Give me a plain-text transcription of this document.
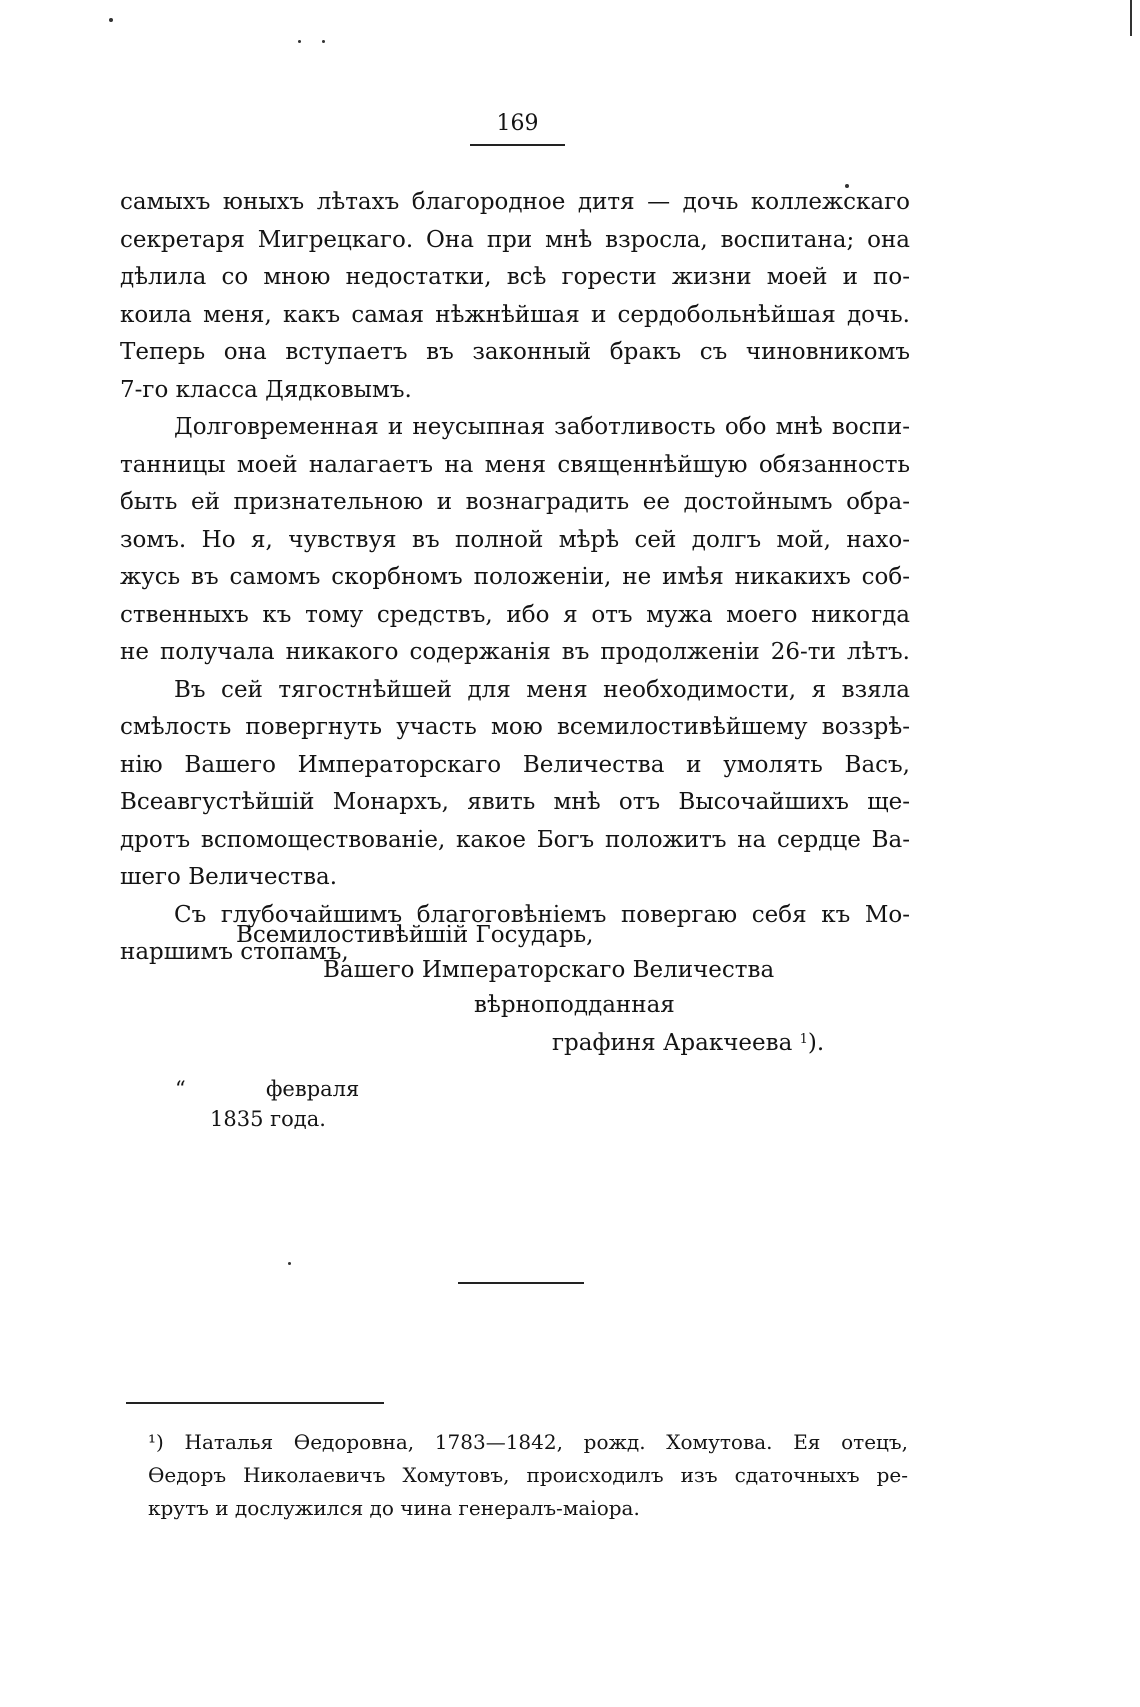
169
самыхъ юныхъ лѣтахъ благородное дитя — дочь коллежскаго
секретаря Мигрецкаго. Она при мнѣ взросла, воспитана; она
дѣлила со мною недостатки, всѣ горести жизни моей и по-
коила меня, какъ самая нѣжнѣйшая и сердобольнѣйшая дочь.
Теперь она вступаетъ въ законный бракъ съ чиновникомъ
7-го класса Дядковымъ.
Долговременная и неусыпная заботливость обо мнѣ воспи-
танницы моей налагаетъ на меня священнѣйшую обязанность
быть ей признательною и вознаградить ее достойнымъ обра-
зомъ. Но я, чувствуя въ полной мѣрѣ сей долгъ мой, нахо-
жусь въ самомъ скорбномъ положеніи, не имѣя никакихъ соб-
ственныхъ къ тому средствъ, ибо я отъ мужа моего никогда
не получала никакого содержанія въ продолженіи 26-ти лѣтъ.
Въ сей тягостнѣйшей для меня необходимости, я взяла
смѣлость повергнуть участь мою всемилостивѣйшему воззрѣ-
нію Вашего Императорскаго Величества и умолять Васъ,
Всеавгустѣйшій Монархъ, явить мнѣ отъ Высочайшихъ ще-
дротъ вспомоществованіе, какое Богъ положитъ на сердце Ва-
шего Величества.
Съ глубочайшимъ благоговѣніемъ повергаю себя къ Мо-
наршимъ стопамъ,
Всемилостивѣйшій Государь,
Вашего Императорскаго Величества
вѣрноподданная
графиня Аракчеева $^1$).
“	февраля
1835 года.
¹) Наталья Ѳедоровна, 1783—1842, рожд. Хомутова. Ея отецъ,
Ѳедоръ Николаевичъ Хомутовъ, происходилъ изъ сдаточныхъ ре-
крутъ и дослужился до чина генералъ-маіора.
